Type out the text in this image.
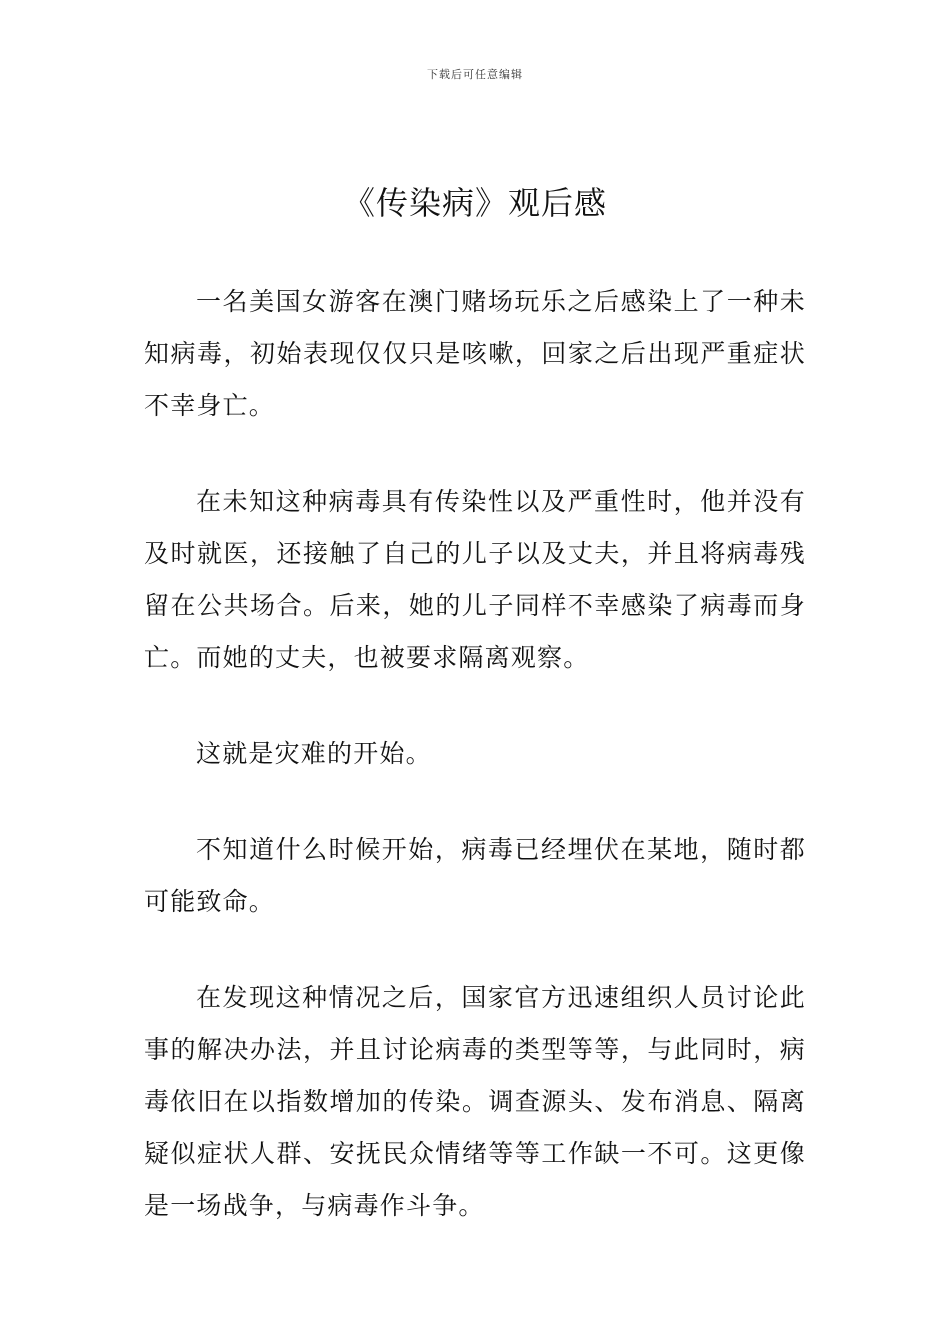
下载后可任意编辑
《传染病》观后感

一名美国女游客在澳门赌场玩乐之后感染上了一种未知病毒，初始表现仅仅只是咳嗽，回家之后出现严重症状不幸身亡。

在未知这种病毒具有传染性以及严重性时，他并没有及时就医，还接触了自己的儿子以及丈夫，并且将病毒残留在公共场合。后来，她的儿子同样不幸感染了病毒而身亡。而她的丈夫，也被要求隔离观察。

这就是灾难的开始。

不知道什么时候开始，病毒已经埋伏在某地，随时都可能致命。

在发现这种情况之后，国家官方迅速组织人员讨论此事的解决办法，并且讨论病毒的类型等等，与此同时，病毒依旧在以指数增加的传染。调查源头、发布消息、隔离疑似症状人群、安抚民众情绪等等工作缺一不可。这更像是一场战争，与病毒作斗争。
